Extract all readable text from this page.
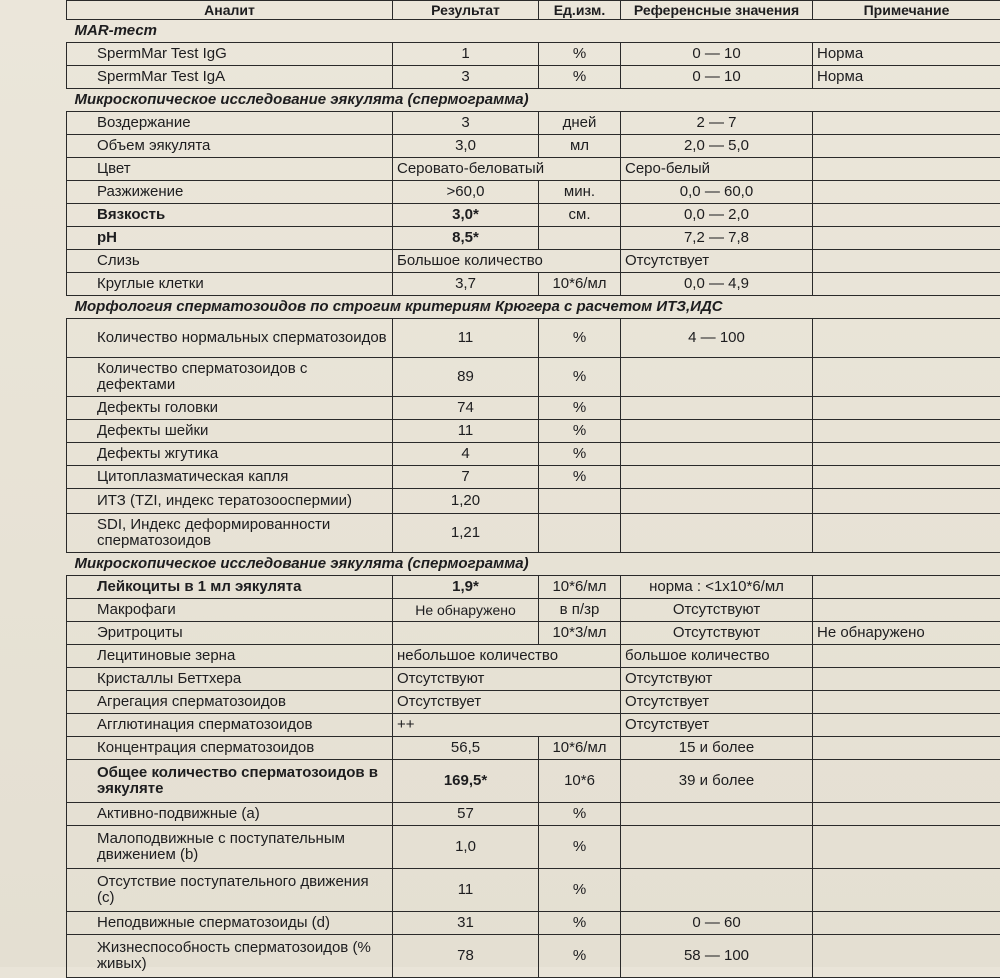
Аналит	Результат	Ед.изм.	Референсные значения	Примечание
MAR-тест				
SpermMar Test IgG	1	%	0 — 10	Норма
SpermMar Test IgA	3	%	0 — 10	Норма
Микроскопическое исследование эякулята (спермограмма)				
Воздержание	3	дней	2 — 7	
Объем эякулята	3,0	мл	2,0 — 5,0	
Цвет	Серовато-беловатый		Серо-белый	
Разжижение	>60,0	мин.	0,0 — 60,0	
Вязкость	3,0*	см.	0,0 — 2,0	
pH	8,5*		7,2 — 7,8	
Слизь	Большое количество		Отсутствует	
Круглые клетки	3,7	10*6/мл	0,0 — 4,9	
Морфология сперматозоидов по строгим критериям Крюгера с расчетом ИТЗ,ИДС				
Количество нормальных сперматозоидов	11	%	4 — 100	
Количество сперматозоидов с дефектами	89	%		
Дефекты головки	74	%		
Дефекты шейки	11	%		
Дефекты жгутика	4	%		
Цитоплазматическая капля	7	%		
ИТЗ (TZI, индекс тератозооспермии)	1,20			
SDI, Индекс деформированности сперматозоидов	1,21			
Микроскопическое исследование эякулята (спермограмма)				
Лейкоциты в 1 мл эякулята	1,9*	10*6/мл	норма : <1x10*6/мл	
Макрофаги	Не обнаружено	в п/зр	Отсутствуют	
Эритроциты		10*3/мл	Отсутствуют	Не обнаружено
Лецитиновые зерна	небольшое количество		большое количество	
Кристаллы Беттхера	Отсутствуют		Отсутствуют	
Агрегация сперматозоидов	Отсутствует		Отсутствует	
Агглютинация сперматозоидов	++		Отсутствует	
Концентрация сперматозоидов	56,5	10*6/мл	15 и более	
Общее количество сперматозоидов в эякуляте	169,5*	10*6	39 и более	
Активно-подвижные (a)	57	%		
Малоподвижные с поступательным движением (b)	1,0	%		
Отсутствие поступательного движения (c)	11	%		
Неподвижные сперматозоиды (d)	31	%	0 — 60	
Жизнеспособность сперматозоидов (% живых)	78	%	58 — 100	
